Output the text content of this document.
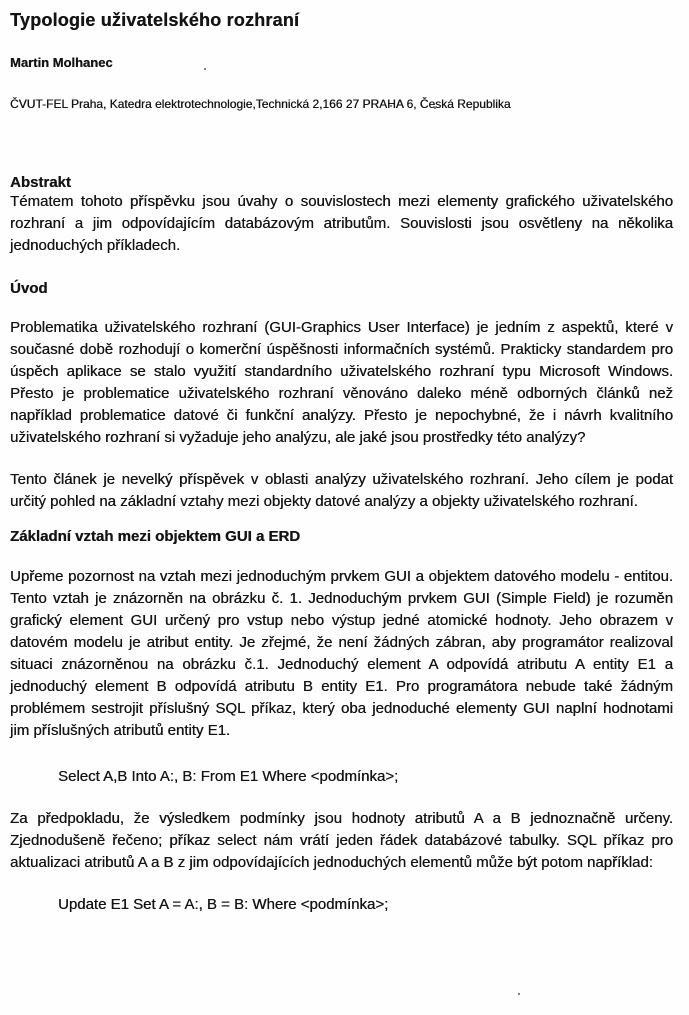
Typologie uživatelského rozhraní
Martin Molhanec
ČVUT-FEL Praha, Katedra elektrotechnologie,Technická 2,166 27 PRAHA 6, Česká Republika
Abstrakt
Tématem tohoto příspěvku jsou úvahy o souvislostech mezi elementy grafického uživatelského rozhraní a jim odpovídajícím databázovým atributům. Souvislosti jsou osvětleny na několika jednoduchých příkladech.
Úvod
Problematika uživatelského rozhraní (GUI-Graphics User Interface) je jedním z aspektů, které v současné době rozhodují o komerční úspěšnosti informačních systémů. Prakticky standardem pro úspěch aplikace se stalo využití standardního uživatelského rozhraní typu Microsoft Windows. Přesto je problematice uživatelského rozhraní věnováno daleko méně odborných článků než například problematice datové či funkční analýzy. Přesto je nepochybné, že i návrh kvalitního uživatelského rozhraní si vyžaduje jeho analýzu, ale jaké jsou prostředky této analýzy?
Tento článek je nevelký příspěvek v oblasti analýzy uživatelského rozhraní. Jeho cílem je podat určitý pohled na základní vztahy mezi objekty datové analýzy a objekty uživatelského rozhraní.
Základní vztah mezi objektem GUI a ERD
Upřeme pozornost na vztah mezi jednoduchým prvkem GUI a objektem datového modelu - entitou. Tento vztah je znázorněn na obrázku č. 1. Jednoduchým prvkem GUI (Simple Field) je rozuměn grafický element GUI určený pro vstup nebo výstup jedné atomické hodnoty. Jeho obrazem v datovém modelu je atribut entity. Je zřejmé, že není žádných zábran, aby programátor realizoval situaci znázorněnou na obrázku č.1. Jednoduchý element A odpovídá atributu A entity E1 a jednoduchý element B odpovídá atributu B entity E1. Pro programátora nebude také žádným problémem sestrojit příslušný SQL příkaz, který oba jednoduché elementy GUI naplní hodnotami jim příslušných atributů entity E1.
Select A,B Into A:, B: From E1 Where <podmínka>;
Za předpokladu, že výsledkem podmínky jsou hodnoty atributů A a B jednoznačně určeny. Zjednodušeně řečeno; příkaz select nám vrátí jeden řádek databázové tabulky. SQL příkaz pro aktualizaci atributů A a B z jim odpovídajících jednoduchých elementů může být potom například:
Update E1 Set A = A:, B = B: Where <podmínka>;
